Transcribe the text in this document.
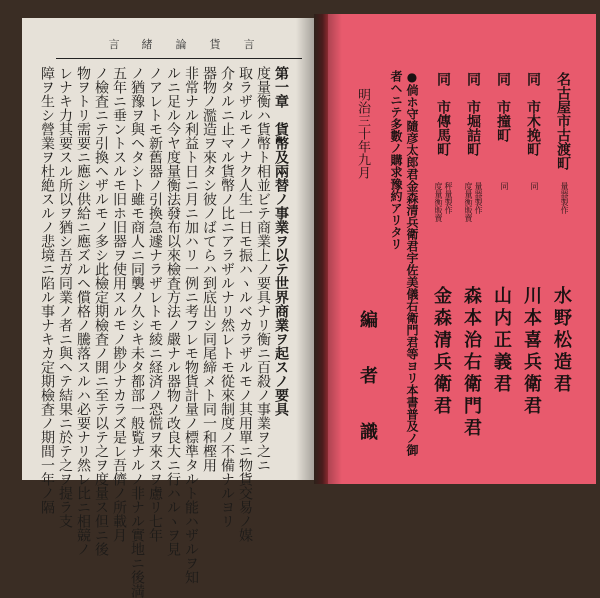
言 緒 論 貨 言
第一章　貨幣及兩替ノ事業ヲ以テ世界商業ヲ起スノ要具
度量衡ハ貨幣ト相並ビテ商業上ノ要具ナリ衡ニ百殺ノ事業ヲ之ニ
取ラザルモノナク人生一日モ振ハヽルベカラザルモノ其用單ニ物貨交易ノ媒
介タルニ止マル貨幣ノ比ニアラザルナリ然レトモ從來制度ノ不備ナルヨリ
器物ノ濫造ヲ來タシ彼ノばてらハ到底出シ同尾締メト同一和樫用
非常ナル利益ト日ニ月ニ加ハリ一例ニ考フレモ物貨計量ノ標準タルト能ハザルヲ知
ルニ足ル今ヤ度量衡法發布以來檢査方法ノ嚴ナル器物ノ改良大ニ行ハルヽヲ見
ノアレトモ新舊器ノ引換急遽ナラザレトモ綾ニ経済ノ恐慌ヲ來スヲ慮リ七年
ノ猶豫ヲ與ヘタシト雖モ商人ニ同襲ノ久シキ未タ都部一般覧ナルノ非ナル實地ニ後満
五年ニ垂ントスルモ旧ホ旧器ヲ使用スルモノ尠少ナカラズ是レ吾儕ノ所載月
ノ檢査ニテ引換ヘザルモノ多シ此檢定期檢査ノ開ニ至テ以テ之ヲ度量ス但ニ後
物ヲトリ需要ニ應シ供給ニ應ズルヘ償格ノ騰落スルハ必要ナリ然レ比ニ相競ノ
レナキ力其要スル所以ヲ猶シ吾ガ同業ノ者ニ與ヘテ結果ニ於テ之ヲ提ラ支
障ヲ生シ營業ヲ杜絶スルノ悲境ニ陷ル事ナキカ定期檢査ノ期間一年ノ隔	名古屋市古渡町
量器製作
水野松造君
同　市木挽町
同
川本喜兵衛君
同　市撞町
同
山内正義君
同　市堀詰町
量器製作
度量衡販賣
森本治右衛門君
同　市傳馬町
秤量製作
度量衡販賣
金森清兵衛君
●倘ホ守隨彦太郎君金森清兵衛君宇佐美儀右衛門君等ヨリ本書普及ノ御
者ヘニテ多數ノ購求豫約アリタリ
明治三十年九月
編　者　識
